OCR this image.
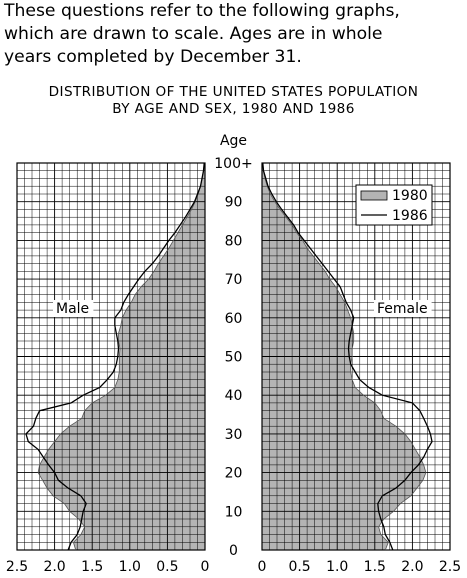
These questions refer to the following graphs,
which are drawn to scale. Ages are in whole
years completed by December 31.
DISTRIBUTION OF THE UNITED STATES POPULATION
BY AGE AND SEX, 1980 AND 1986
Age
0
10
20
30
40
50
60
70
80
90
100+
2.5 2.0 1.5 1.0 0.5 0	0 0.5 1.0 1.5 2.0 2.5
Male	Female
1980
1986
